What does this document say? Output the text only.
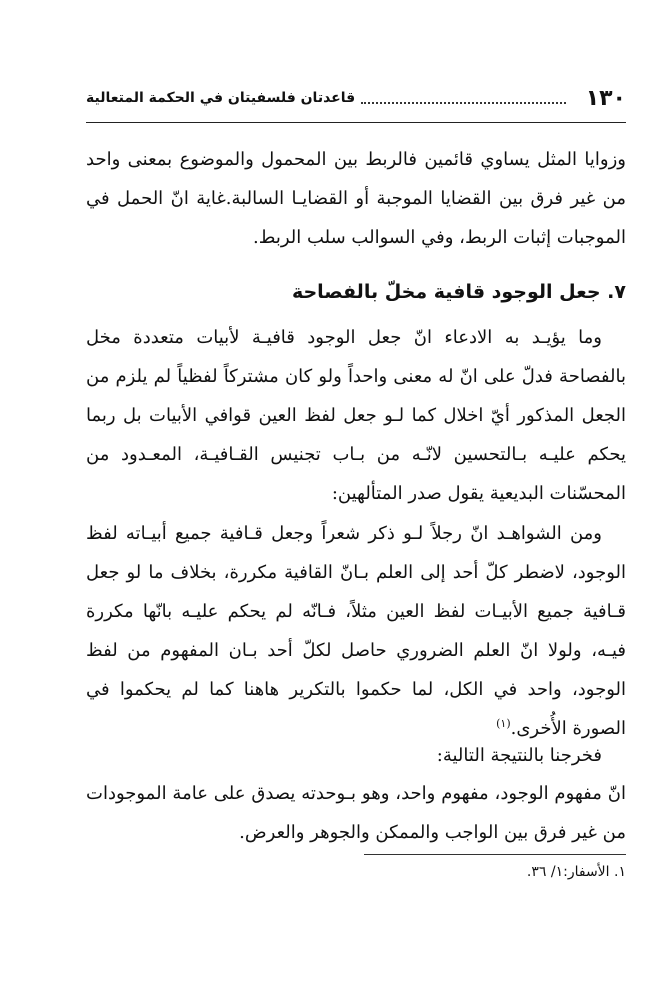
١٣٠
قاعدتان فلسفيتان في الحكمة المتعالية

وزوايا المثل يساوي قائمين فالربط بين المحمول والموضوع بمعنى واحد من غير فرق بين القضايا الموجبة أو القضايـا السالبة.غاية انّ الحمل في الموجبات إثبات الربط، وفي السوالب سلب الربط.

٧. جعل الوجود قافية مخلّ بالفصاحة

وما يؤيـد به الادعاء انّ جعل الوجود قافيـة لأبيات متعددة مخل بالفصاحة فدلّ على انّ له معنى واحداً ولو كان مشتركاً لفظياً لم يلزم من الجعل المذكور أيّ اخلال كما لـو جعل لفظ العين قوافي الأبيات بل ربما يحكم عليـه بـالتحسين لانّـه من بـاب تجنيس القـافيـة، المعـدود من المحسّنات البديعية يقول صدر المتألهين:

ومن الشواهـد انّ رجلاً لـو ذكر شعراً وجعل قـافية جميع أبيـاته لفظ الوجود، لاضطر كلّ أحد إلى العلم بـانّ القافية مكررة، بخلاف ما لو جعل قـافية جميع الأبيـات لفظ العين مثلاً، فـانّه لم يحكم عليـه بانّها مكررة فيـه، ولولا انّ العلم الضروري حاصل لكلّ أحد بـان المفهوم من لفظ الوجود، واحد في الكل، لما حكموا بالتكرير هاهنا كما لم يحكموا في الصورة الأُخرى.$^{(١)}$

فخرجنا بالنتيجة التالية:

انّ مفهوم الوجود، مفهوم واحد، وهو بـوحدته يصدق على عامة الموجودات من غير فرق بين الواجب والممكن والجوهر والعرض.

١. الأسفار:١/ ٣٦.
